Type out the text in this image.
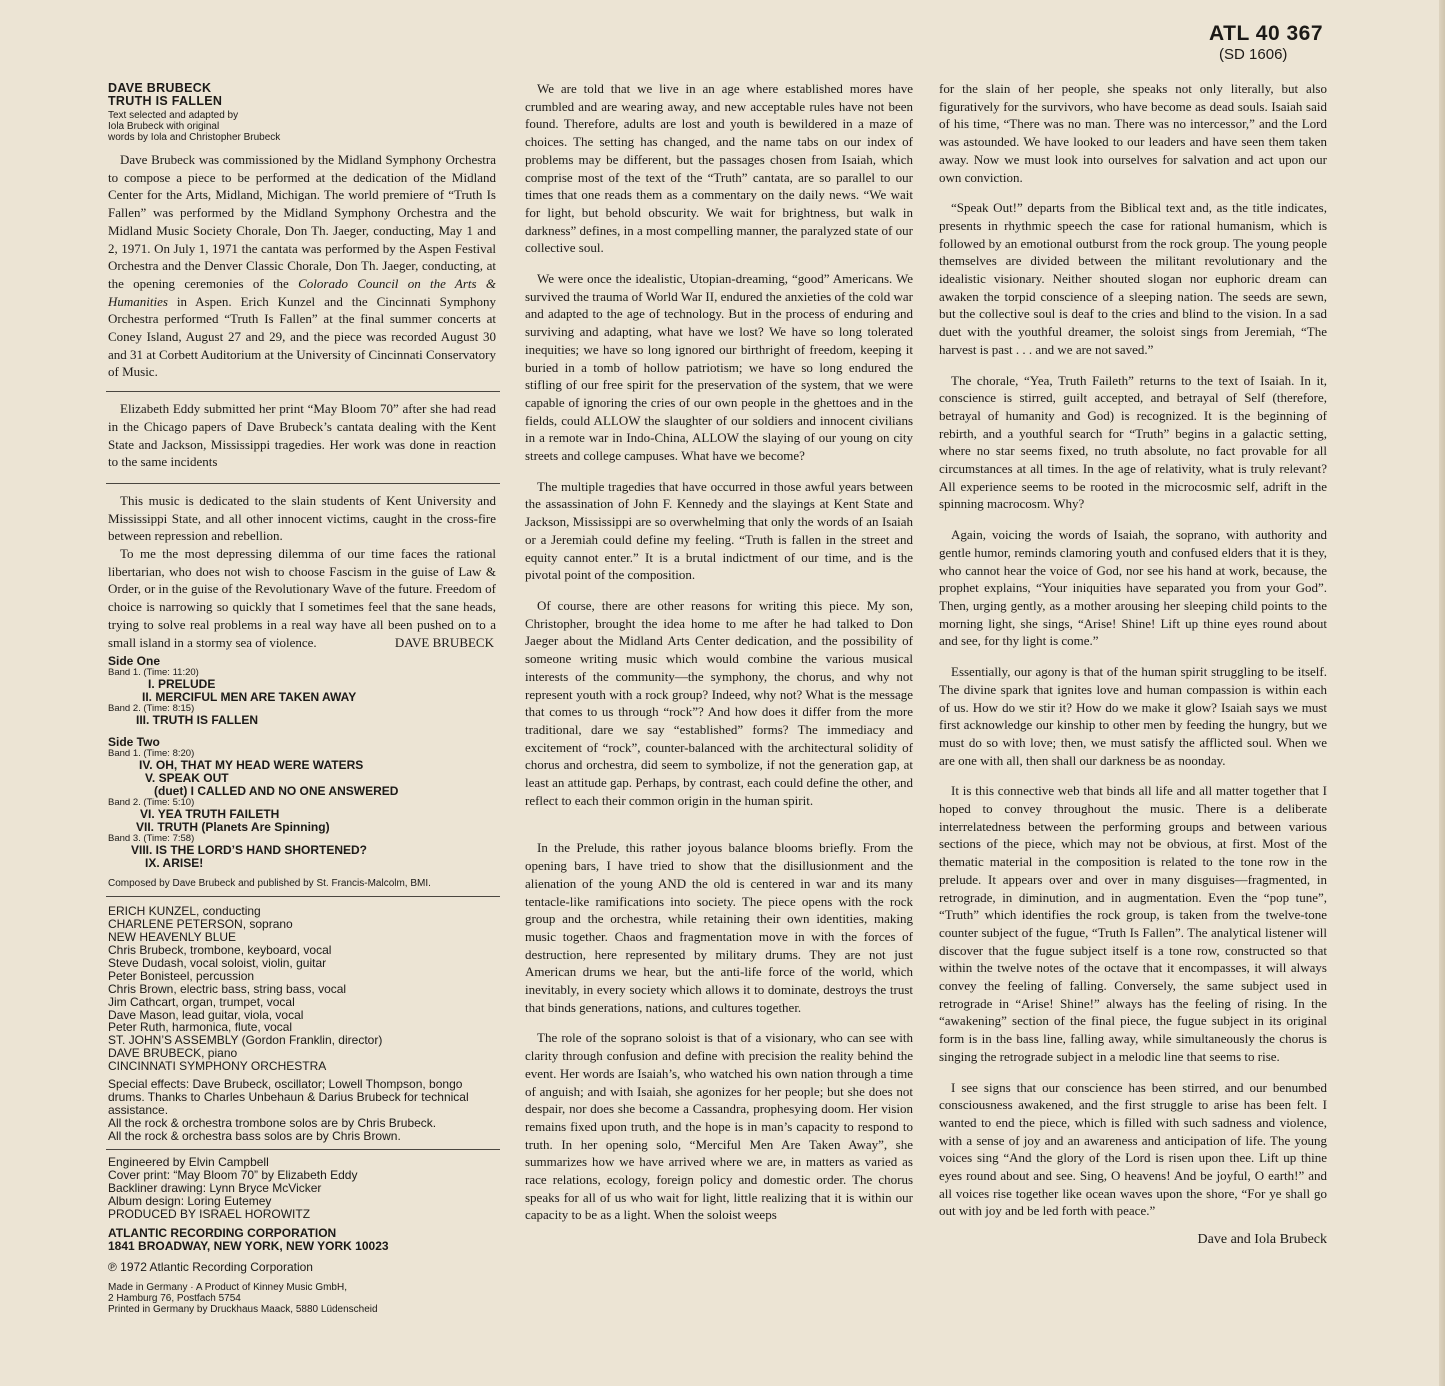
ATL 40 367
(SD 1606)
DAVE BRUBECK
TRUTH IS FALLEN
Text selected and adapted by
Iola Brubeck with original
words by Iola and Christopher Brubeck

Dave Brubeck was commissioned by the Midland Symphony Orchestra to compose a piece to be performed at the dedication of the Midland Center for the Arts, Midland, Michigan. The world premiere of “Truth Is Fallen” was performed by the Midland Symphony Orchestra and the Midland Music Society Chorale, Don Th. Jaeger, conducting, May 1 and 2, 1971. On July 1, 1971 the cantata was performed by the Aspen Festival Orchestra and the Denver Classic Chorale, Don Th. Jaeger, conducting, at the opening ceremonies of the Colorado Council on the Arts & Humanities in Aspen. Erich Kunzel and the Cincinnati Symphony Orchestra performed “Truth Is Fallen” at the final summer concerts at Coney Island, August 27 and 29, and the piece was recorded August 30 and 31 at Corbett Auditorium at the University of Cincinnati Conservatory of Music.

Elizabeth Eddy submitted her print “May Bloom 70” after she had read in the Chicago papers of Dave Brubeck’s cantata dealing with the Kent State and Jackson, Mississippi tragedies. Her work was done in reaction to the same incidents

This music is dedicated to the slain students of Kent University and Mississippi State, and all other innocent victims, caught in the cross-fire between repression and rebellion.

To me the most depressing dilemma of our time faces the rational libertarian, who does not wish to choose Fascism in the guise of Law & Order, or in the guise of the Revolutionary Wave of the future. Freedom of choice is narrowing so quickly that I sometimes feel that the sane heads, trying to solve real problems in a real way have all been pushed on to a small island in a stormy sea of violence.	DAVE BRUBECK

Side One
Band 1. (Time: 11:20)
I. PRELUDE
II. MERCIFUL MEN ARE TAKEN AWAY
Band 2. (Time: 8:15)
III. TRUTH IS FALLEN
Side Two
Band 1. (Time: 8:20)
IV. OH, THAT MY HEAD WERE WATERS
V. SPEAK OUT
(duet) I CALLED AND NO ONE ANSWERED
Band 2. (Time: 5:10)
VI. YEA TRUTH FAILETH
VII. TRUTH (Planets Are Spinning)
Band 3. (Time: 7:58)
VIII. IS THE LORD’S HAND SHORTENED?
IX. ARISE!
Composed by Dave Brubeck and published by St. Francis-Malcolm, BMI.
ERICH KUNZEL, conducting
CHARLENE PETERSON, soprano
NEW HEAVENLY BLUE
Chris Brubeck, trombone, keyboard, vocal
Steve Dudash, vocal soloist, violin, guitar
Peter Bonisteel, percussion
Chris Brown, electric bass, string bass, vocal
Jim Cathcart, organ, trumpet, vocal
Dave Mason, lead guitar, viola, vocal
Peter Ruth, harmonica, flute, vocal
ST. JOHN’S ASSEMBLY (Gordon Franklin, director)
DAVE BRUBECK, piano
CINCINNATI SYMPHONY ORCHESTRA
Special effects: Dave Brubeck, oscillator; Lowell Thompson, bongo drums. Thanks to Charles Unbehaun & Darius Brubeck for technical assistance.
All the rock & orchestra trombone solos are by Chris Brubeck.
All the rock & orchestra bass solos are by Chris Brown.
Engineered by Elvin Campbell
Cover print: “May Bloom 70” by Elizabeth Eddy
Backliner drawing: Lynn Bryce McVicker
Album design: Loring Eutemey
PRODUCED BY ISRAEL HOROWITZ
ATLANTIC RECORDING CORPORATION
1841 BROADWAY, NEW YORK, NEW YORK 10023
℗ 1972 Atlantic Recording Corporation
Made in Germany · A Product of Kinney Music GmbH,
2 Hamburg 76, Postfach 5754
Printed in Germany by Druckhaus Maack, 5880 Lüdenscheid

We are told that we live in an age where established mores have crumbled and are wearing away, and new acceptable rules have not been found. Therefore, adults are lost and youth is bewildered in a maze of choices. The setting has changed, and the name tabs on our index of problems may be different, but the passages chosen from Isaiah, which comprise most of the text of the “Truth” cantata, are so parallel to our times that one reads them as a commentary on the daily news. “We wait for light, but behold obscurity. We wait for brightness, but walk in darkness” defines, in a most compelling manner, the paralyzed state of our collective soul.

We were once the idealistic, Utopian-dreaming, “good” Americans. We survived the trauma of World War II, endured the anxieties of the cold war and adapted to the age of technology. But in the process of enduring and surviving and adapting, what have we lost? We have so long tolerated inequities; we have so long ignored our birthright of freedom, keeping it buried in a tomb of hollow patriotism; we have so long endured the stifling of our free spirit for the preservation of the system, that we were capable of ignoring the cries of our own people in the ghettoes and in the fields, could ALLOW the slaughter of our soldiers and innocent civilians in a remote war in Indo-China, ALLOW the slaying of our young on city streets and college campuses. What have we become?

The multiple tragedies that have occurred in those awful years between the assassination of John F. Kennedy and the slayings at Kent State and Jackson, Mississippi are so overwhelming that only the words of an Isaiah or a Jeremiah could define my feeling. “Truth is fallen in the street and equity cannot enter.” It is a brutal indictment of our time, and is the pivotal point of the composition.

Of course, there are other reasons for writing this piece. My son, Christopher, brought the idea home to me after he had talked to Don Jaeger about the Midland Arts Center dedication, and the possibility of someone writing music which would combine the various musical interests of the community—the symphony, the chorus, and why not represent youth with a rock group? Indeed, why not? What is the message that comes to us through “rock”? And how does it differ from the more traditional, dare we say “established” forms? The immediacy and excitement of “rock”, counter-balanced with the architectural solidity of chorus and orchestra, did seem to symbolize, if not the generation gap, at least an attitude gap. Perhaps, by contrast, each could define the other, and reflect to each their common origin in the human spirit.

In the Prelude, this rather joyous balance blooms briefly. From the opening bars, I have tried to show that the disillusionment and the alienation of the young AND the old is centered in war and its many tentacle-like ramifications into society. The piece opens with the rock group and the orchestra, while retaining their own identities, making music together. Chaos and fragmentation move in with the forces of destruction, here represented by military drums. They are not just American drums we hear, but the anti-life force of the world, which inevitably, in every society which allows it to dominate, destroys the trust that binds generations, nations, and cultures together.

The role of the soprano soloist is that of a visionary, who can see with clarity through confusion and define with precision the reality behind the event. Her words are Isaiah’s, who watched his own nation through a time of anguish; and with Isaiah, she agonizes for her people; but she does not despair, nor does she become a Cassandra, prophesying doom. Her vision remains fixed upon truth, and the hope is in man’s capacity to respond to truth. In her opening solo, “Merciful Men Are Taken Away”, she summarizes how we have arrived where we are, in matters as varied as race relations, ecology, foreign policy and domestic order. The chorus speaks for all of us who wait for light, little realizing that it is within our capacity to be as a light. When the soloist weeps

for the slain of her people, she speaks not only literally, but also figuratively for the survivors, who have become as dead souls. Isaiah said of his time, “There was no man. There was no intercessor,” and the Lord was astounded. We have looked to our leaders and have seen them taken away. Now we must look into ourselves for salvation and act upon our own conviction.

“Speak Out!” departs from the Biblical text and, as the title indicates, presents in rhythmic speech the case for rational humanism, which is followed by an emotional outburst from the rock group. The young people themselves are divided between the militant revolutionary and the idealistic visionary. Neither shouted slogan nor euphoric dream can awaken the torpid conscience of a sleeping nation. The seeds are sewn, but the collective soul is deaf to the cries and blind to the vision. In a sad duet with the youthful dreamer, the soloist sings from Jeremiah, “The harvest is past . . . and we are not saved.”

The chorale, “Yea, Truth Faileth” returns to the text of Isaiah. In it, conscience is stirred, guilt accepted, and betrayal of Self (therefore, betrayal of humanity and God) is recognized. It is the beginning of rebirth, and a youthful search for “Truth” begins in a galactic setting, where no star seems fixed, no truth absolute, no fact provable for all circumstances at all times. In the age of relativity, what is truly relevant? All experience seems to be rooted in the microcosmic self, adrift in the spinning macrocosm. Why?

Again, voicing the words of Isaiah, the soprano, with authority and gentle humor, reminds clamoring youth and confused elders that it is they, who cannot hear the voice of God, nor see his hand at work, because, the prophet explains, “Your iniquities have separated you from your God”. Then, urging gently, as a mother arousing her sleeping child points to the morning light, she sings, “Arise! Shine! Lift up thine eyes round about and see, for thy light is come.”

Essentially, our agony is that of the human spirit struggling to be itself. The divine spark that ignites love and human compassion is within each of us. How do we stir it? How do we make it glow? Isaiah says we must first acknowledge our kinship to other men by feeding the hungry, but we must do so with love; then, we must satisfy the afflicted soul. When we are one with all, then shall our darkness be as noonday.

It is this connective web that binds all life and all matter together that I hoped to convey throughout the music. There is a deliberate interrelatedness between the performing groups and between various sections of the piece, which may not be obvious, at first. Most of the thematic material in the composition is related to the tone row in the prelude. It appears over and over in many disguises—fragmented, in retrograde, in diminution, and in augmentation. Even the “pop tune”, “Truth” which identifies the rock group, is taken from the twelve-tone counter subject of the fugue, “Truth Is Fallen”. The analytical listener will discover that the fugue subject itself is a tone row, constructed so that within the twelve notes of the octave that it encompasses, it will always convey the feeling of falling. Conversely, the same subject used in retrograde in “Arise! Shine!” always has the feeling of rising. In the “awakening” section of the final piece, the fugue subject in its original form is in the bass line, falling away, while simultaneously the chorus is singing the retrograde subject in a melodic line that seems to rise.

I see signs that our conscience has been stirred, and our benumbed consciousness awakened, and the first struggle to arise has been felt. I wanted to end the piece, which is filled with such sadness and violence, with a sense of joy and an awareness and anticipation of life. The young voices sing “And the glory of the Lord is risen upon thee. Lift up thine eyes round about and see. Sing, O heavens! And be joyful, O earth!” and all voices rise together like ocean waves upon the shore, “For ye shall go out with joy and be led forth with peace.”

Dave and Iola Brubeck
